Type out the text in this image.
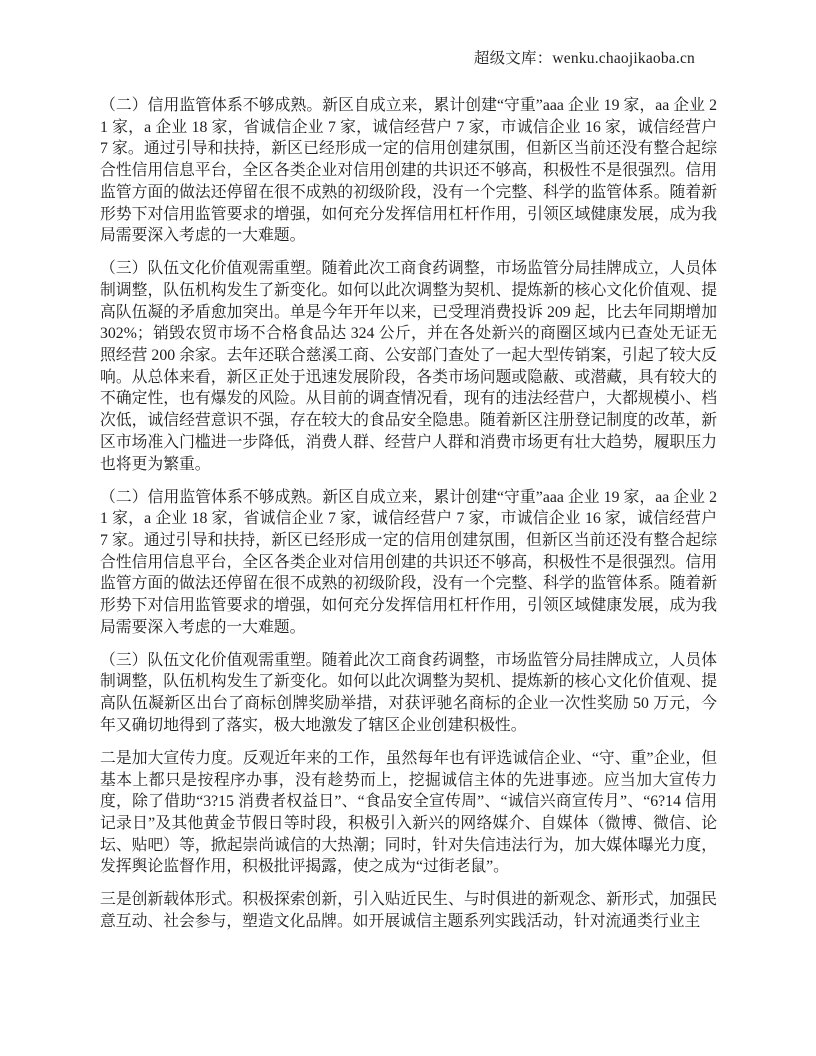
超级文库：wenku.chaojikaoba.cn

（二）信用监管体系不够成熟。新区自成立来，累计创建“守重”aaa 企业 19 家，aa 企业 21 家，a 企业 18 家，省诚信企业 7 家，诚信经营户 7 家，市诚信企业 16 家，诚信经营户 7 家。通过引导和扶持，新区已经形成一定的信用创建氛围，但新区当前还没有整合起综合性信用信息平台，全区各类企业对信用创建的共识还不够高，积极性不是很强烈。信用监管方面的做法还停留在很不成熟的初级阶段，没有一个完整、科学的监管体系。随着新形势下对信用监管要求的增强，如何充分发挥信用杠杆作用，引领区域健康发展，成为我局需要深入考虑的一大难题。

（三）队伍文化价值观需重塑。随着此次工商食药调整，市场监管分局挂牌成立，人员体制调整，队伍机构发生了新变化。如何以此次调整为契机、提炼新的核心文化价值观、提高队伍凝的矛盾愈加突出。单是今年开年以来，已受理消费投诉 209 起，比去年同期增加 302%；销毁农贸市场不合格食品达 324 公斤，并在各处新兴的商圈区域内已查处无证无照经营 200 余家。去年还联合慈溪工商、公安部门查处了一起大型传销案，引起了较大反响。从总体来看，新区正处于迅速发展阶段，各类市场问题或隐蔽、或潜藏，具有较大的不确定性，也有爆发的风险。从目前的调查情况看，现有的违法经营户，大都规模小、档次低，诚信经营意识不强，存在较大的食品安全隐患。随着新区注册登记制度的改革，新区市场准入门槛进一步降低，消费人群、经营户人群和消费市场更有壮大趋势，履职压力也将更为繁重。

（二）信用监管体系不够成熟。新区自成立来，累计创建“守重”aaa 企业 19 家，aa 企业 21 家，a 企业 18 家，省诚信企业 7 家，诚信经营户 7 家，市诚信企业 16 家，诚信经营户 7 家。通过引导和扶持，新区已经形成一定的信用创建氛围，但新区当前还没有整合起综合性信用信息平台，全区各类企业对信用创建的共识还不够高，积极性不是很强烈。信用监管方面的做法还停留在很不成熟的初级阶段，没有一个完整、科学的监管体系。随着新形势下对信用监管要求的增强，如何充分发挥信用杠杆作用，引领区域健康发展，成为我局需要深入考虑的一大难题。

（三）队伍文化价值观需重塑。随着此次工商食药调整，市场监管分局挂牌成立，人员体制调整，队伍机构发生了新变化。如何以此次调整为契机、提炼新的核心文化价值观、提高队伍凝新区出台了商标创牌奖励举措，对获评驰名商标的企业一次性奖励 50 万元，今年又确切地得到了落实，极大地激发了辖区企业创建积极性。

二是加大宣传力度。反观近年来的工作，虽然每年也有评选诚信企业、“守、重”企业，但基本上都只是按程序办事，没有趁势而上，挖掘诚信主体的先进事迹。应当加大宣传力度，除了借助“3?15 消费者权益日”、“食品安全宣传周”、“诚信兴商宣传月”、“6?14 信用记录日”及其他黄金节假日等时段，积极引入新兴的网络媒介、自媒体（微博、微信、论坛、贴吧）等，掀起崇尚诚信的大热潮；同时，针对失信违法行为，加大媒体曝光力度，发挥舆论监督作用，积极批评揭露，使之成为“过街老鼠”。

三是创新载体形式。积极探索创新，引入贴近民生、与时俱进的新观念、新形式，加强民意互动、社会参与，塑造文化品牌。如开展诚信主题系列实践活动，针对流通类行业主
